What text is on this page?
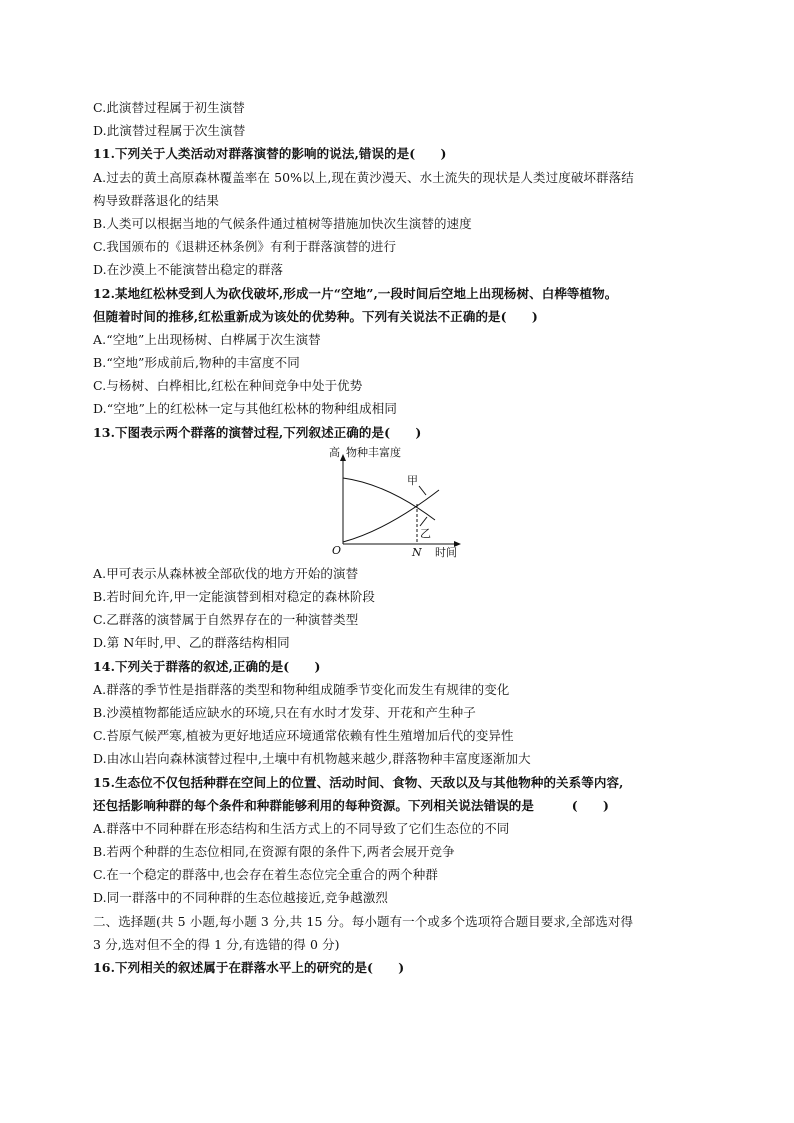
C.此演替过程属于初生演替
D.此演替过程属于次生演替
11.下列关于人类活动对群落演替的影响的说法,错误的是(　　)
A.过去的黄土高原森林覆盖率在 50%以上,现在黄沙漫天、水土流失的现状是人类过度破坏群落结
构导致群落退化的结果
B.人类可以根据当地的气候条件通过植树等措施加快次生演替的速度
C.我国颁布的《退耕还林条例》有利于群落演替的进行
D.在沙漠上不能演替出稳定的群落
12.某地红松林受到人为砍伐破坏,形成一片“空地”,一段时间后空地上出现杨树、白桦等植物。
但随着时间的推移,红松重新成为该处的优势种。下列有关说法不正确的是(　　)
A.“空地”上出现杨树、白桦属于次生演替
B.“空地”形成前后,物种的丰富度不同
C.与杨树、白桦相比,红松在种间竞争中处于优势
D.“空地”上的红松林一定与其他红松林的物种组成相同
13.下图表示两个群落的演替过程,下列叙述正确的是(　　)
高 物种丰富度
甲
乙
O	N 时间
A.甲可表示从森林被全部砍伐的地方开始的演替
B.若时间允许,甲一定能演替到相对稳定的森林阶段
C.乙群落的演替属于自然界存在的一种演替类型
D.第 N年时,甲、乙的群落结构相同
14.下列关于群落的叙述,正确的是(　　)
A.群落的季节性是指群落的类型和物种组成随季节变化而发生有规律的变化
B.沙漠植物都能适应缺水的环境,只在有水时才发芽、开花和产生种子
C.苔原气候严寒,植被为更好地适应环境通常依赖有性生殖增加后代的变异性
D.由冰山岩向森林演替过程中,土壤中有机物越来越少,群落物种丰富度逐渐加大
15.生态位不仅包括种群在空间上的位置、活动时间、食物、天敌以及与其他物种的关系等内容,
还包括影响种群的每个条件和种群能够利用的每种资源。下列相关说法错误的是　　　(　　)
A.群落中不同种群在形态结构和生活方式上的不同导致了它们生态位的不同
B.若两个种群的生态位相同,在资源有限的条件下,两者会展开竞争
C.在一个稳定的群落中,也会存在着生态位完全重合的两个种群
D.同一群落中的不同种群的生态位越接近,竞争越激烈
二、选择题(共 5 小题,每小题 3 分,共 15 分。每小题有一个或多个选项符合题目要求,全部选对得
3 分,选对但不全的得 1 分,有选错的得 0 分)
16.下列相关的叙述属于在群落水平上的研究的是(　　)
